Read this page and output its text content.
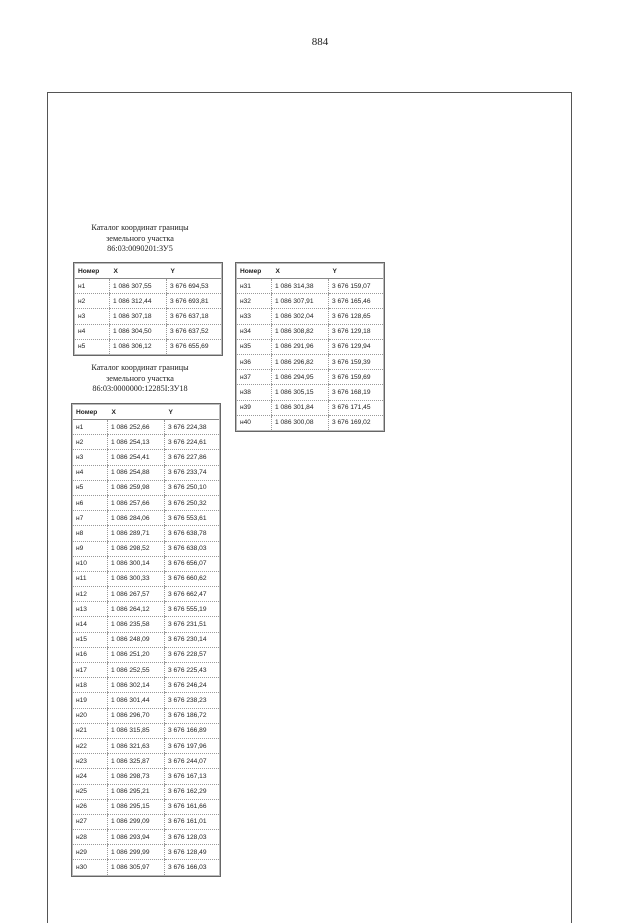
884
Каталог координат границы
земельного участка
86:03:0090201:ЗУ5
Номер	X	Y
н1	1 086 307,55	3 676 694,53
н2	1 086 312,44	3 676 693,81
н3	1 086 307,18	3 676 637,18
н4	1 086 304,50	3 676 637,52
н5	1 086 306,12	3 676 655,69
Каталог координат границы
земельного участка
86:03:0000000:12285I:ЗУ18
Номер	X	Y
н1	1 086 252,66	3 676 224,38
н2	1 086 254,13	3 676 224,61
н3	1 086 254,41	3 676 227,86
н4	1 086 254,88	3 676 233,74
н5	1 086 259,98	3 676 250,10
н6	1 086 257,66	3 676 250,32
н7	1 086 284,06	3 676 553,61
н8	1 086 289,71	3 676 638,78
н9	1 086 298,52	3 676 638,03
н10	1 086 300,14	3 676 656,07
н11	1 086 300,33	3 676 660,62
н12	1 086 267,57	3 676 662,47
н13	1 086 264,12	3 676 555,19
н14	1 086 235,58	3 676 231,51
н15	1 086 248,09	3 676 230,14
н16	1 086 251,20	3 676 228,57
н17	1 086 252,55	3 676 225,43
н18	1 086 302,14	3 676 246,24
н19	1 086 301,44	3 676 238,23
н20	1 086 296,70	3 676 186,72
н21	1 086 315,85	3 676 166,89
н22	1 086 321,63	3 676 197,96
н23	1 086 325,87	3 676 244,07
н24	1 086 298,73	3 676 167,13
н25	1 086 295,21	3 676 162,29
н26	1 086 295,15	3 676 161,66
н27	1 086 299,09	3 676 161,01
н28	1 086 293,94	3 676 128,03
н29	1 086 299,99	3 676 128,49
н30	1 086 305,97	3 676 166,03
Номер	X	Y
н31	1 086 314,38	3 676 159,07
н32	1 086 307,91	3 676 165,46
н33	1 086 302,04	3 676 128,65
н34	1 086 308,82	3 676 129,18
н35	1 086 291,96	3 676 129,94
н36	1 086 296,82	3 676 159,39
н37	1 086 294,95	3 676 159,69
н38	1 086 305,15	3 676 168,19
н39	1 086 301,84	3 676 171,45
н40	1 086 300,08	3 676 169,02
